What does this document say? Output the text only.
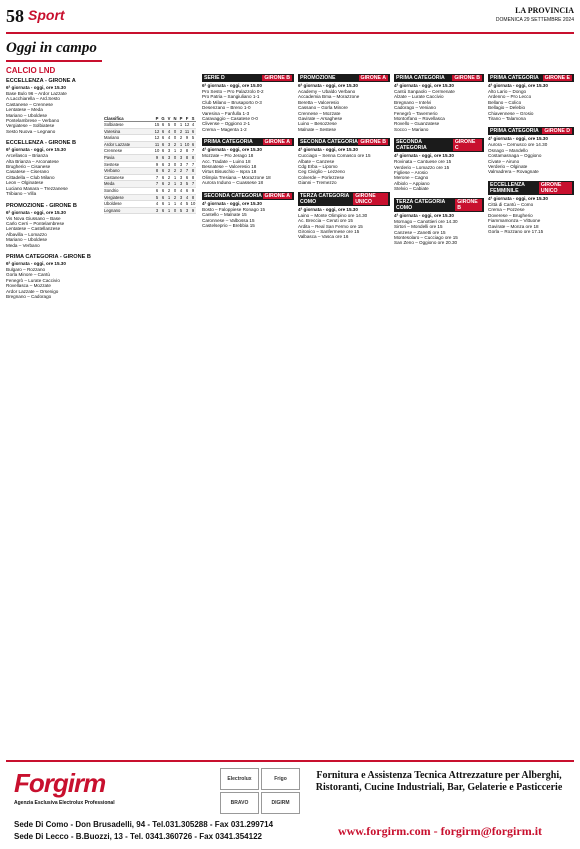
58 Sport	LA PROVINCIA
DOMENICA 29 SETTEMBRE 2024
Oggi in campo
CALCIO LND
ECCELLENZA - GIRONE A
6ª giornata - oggi, ore 15.30
Base Bulo 96 – Ardor Lazzate
A.Lacchiarella – Ard.Sesto
Castanese – Crennese
Lentatese – Meda
Mariano – Uboldese
Pontelambrese – Verbano
Vergiatese – Solbiatese
Sesto Nuova – Legnano
ECCELLENZA - GIRONE B
6ª giornata - oggi, ore 15.30
Arcellasco – Brianza
Alta Brianza – Arconatese
Brugherio – Cisanese
Casatese – Ciserano
Cittadella – Club Milano
Leon – Olginatese
Luciano Manara – Trezzanese
Tribiano – Villa
PROMOZIONE - GIRONE B
6ª giornata - oggi, ore 15.30
Vis Nova Giussano – Base
Carlo Cerri – Pontelambrese
Lentatese – Castellanzese
Albavilla – Lomazzo
Mariano – Uboldese
Meda – Verbano
PRIMA CATEGORIA - GIRONE B
6ª giornata - oggi, ore 15.30
Bulgaro – Rozzano
Gorla Minore – Cantù
Fenegrò – Lurate Caccivio
Rovellasca – Mozzate
Ardor Lazzate – Orsenigo
Bregnano – Cadorago
Classifica	P G V N P F S
Solbiatese	15 6 5 0 1 12 4
Varesina	12 6 4 0 2 11 6
Mariano	12 6 4 0 2 9 5
Ardor Lazzate	11 6 3 2 1 10 6
Crennese	10 6 3 1 2 8 7
Pavia	9 6 3 0 3 8 8
Sestese	9 6 3 0 3 7 7
Verbano	8 6 2 2 2 7 8
Castanese	7 6 2 1 3 6 8
Meda	7 6 2 1 3 5 7
Sondrio	6 6 2 0 4 6 9
Vergiatese	5 6 1 2 3 4 8
Uboldese	4 6 1 1 4 5 10
Legnano	3 6 1 0 5 3 9
SERIE D	GIRONE B
6ª giornata - oggi, ore 15.00
Pro Sesto – Pro Palazzolo 0-2
Pro Patria – Sangiuliano 1-1
Club Milano – Brusaporto 0-3
Desenzano – Breno 1-0
Varesina – Fanfulla 1-3
Caravaggio – Casatese 0-0
Clivense – Oggiono 2-1
Crema – Magenta 1-2
PRIMA CATEGORIA	GIRONE A
4ª giornata - oggi, ore 15.30
Mozzate – Pro Jerago 18
Acc. Tradate – Luino 18
Besnatese – Valceresio 18
Virtus Bisuschio – Ispra 18
Olimpia Tresiana – Morazzone 18
Aurora Induno – Cuassese 18
SECONDA CATEGORIA GIRONE A
4ª giornata - oggi, ore 15.30
Bosto – Faloppiese Ronago 15
Cantello – Malnate 15
Caronnese – Valbossa 15
Castelseprio – Brebbia 15
PROMOZIONE	GIRONE A
6ª giornata - oggi, ore 15.30
Academy – Ubaldo Verbano
Accademia Bma – Morazzone
Beretta – Valceresio
Cassano – Gorla Minore
Crennese – Mozzate
Gavirate – Arsaghese
Luino – Besozzese
Malnate – Sestese
SECONDA CATEGORIA GIRONE B
4ª giornata - oggi, ore 15.30
Cucciago – Senna Comasco ore 15
Albate – Canzese
Cdg Erba – Lipomo
Ceg Civiglio – Lezzeno
Colverde – Porlezzese
Gianni – Tremezzo
TERZA CATEGORIA COMO
GIRONE UNICO
4ª giornata - oggi, ore 15.30
Laino – Monte Olimpino ore 14.30
Ac. Breccia – Ceruti ore 15
Ardita – Real San Fermo ore 15
Gironico – Sanfermese ore 15
Valbasca – Vasca ore 16
PRIMA CATEGORIA	GIRONE B
4ª giornata - oggi, ore 15.30
Cantù Sanpaolo – Cermenate
Alzate – Lurate Caccivio
Bregnano – Intelvi
Cadorago – Veniano
Fenegrò – Tavernerio
Montorfano – Rovellasca
Rovello – Guanzatese
Socco – Mariano
SECONDA CATEGORIA
GIRONE C
4ª giornata - oggi, ore 15.30
Rovinata – Cantuese ore 15
Verderio – Lomazzo ore 15
Figliese – Arosio
Merone – Cagno
Albiolo – Appiano
Stelvio – Cabiate
TERZA CATEGORIA COMO
GIRONE B
4ª giornata - oggi, ore 15.30
Mornago – Canottieri ore 14.30
Sirtori – Mondelli ore 15
Canzese – Zanetti ore 15
Montesolaro – Cucciago ore 15
San Zeno – Oggiono ore 20.30
PRIMA CATEGORIA	GIRONE E
4ª giornata - oggi, ore 15.30
Alto Lario – Dongo
Ardenno – Pro Lecco
Bellano – Colico
Bellagio – Delebio
Chiavennese – Grosio
Tirano – Talamona
PRIMA CATEGORIA	GIRONE D
4ª giornata - oggi, ore 15.30
Aurora – Cernusco ore 14.30
Osnago – Mandello
Costamasnaga – Oggiono
Civate – Airuno
Verderio – Olginate
Valmadrera – Rovagnate
ECCELLENZA FEMMINILE
GIRONE UNICO
4ª giornata - oggi, ore 15.30
Città di Cantù – Como
Crema – Pozzese
Doverese – Brugherio
Fiammamonza – Vittuone
Gavirate – Monza ore 18
Gorla – Rozzano ore 17.15
Forgirm
Agenzia Esclusiva Electrolux Professional
Sede Di Como - Don Brusadelli, 94 - Tel.031.305288 - Fax 031.299714
Sede Di Lecco - B.Buozzi, 13 - Tel. 0341.360726 - Fax 0341.354122
Electrolux	Frigo
BRAVO	DIGIRM
Fornitura e Assistenza Tecnica Attrezzature per Alberghi, Ristoranti, Cucine Industriali, Bar, Gelaterie e Pasticcerie
www.forgirm.com - forgirm@forgirm.it
